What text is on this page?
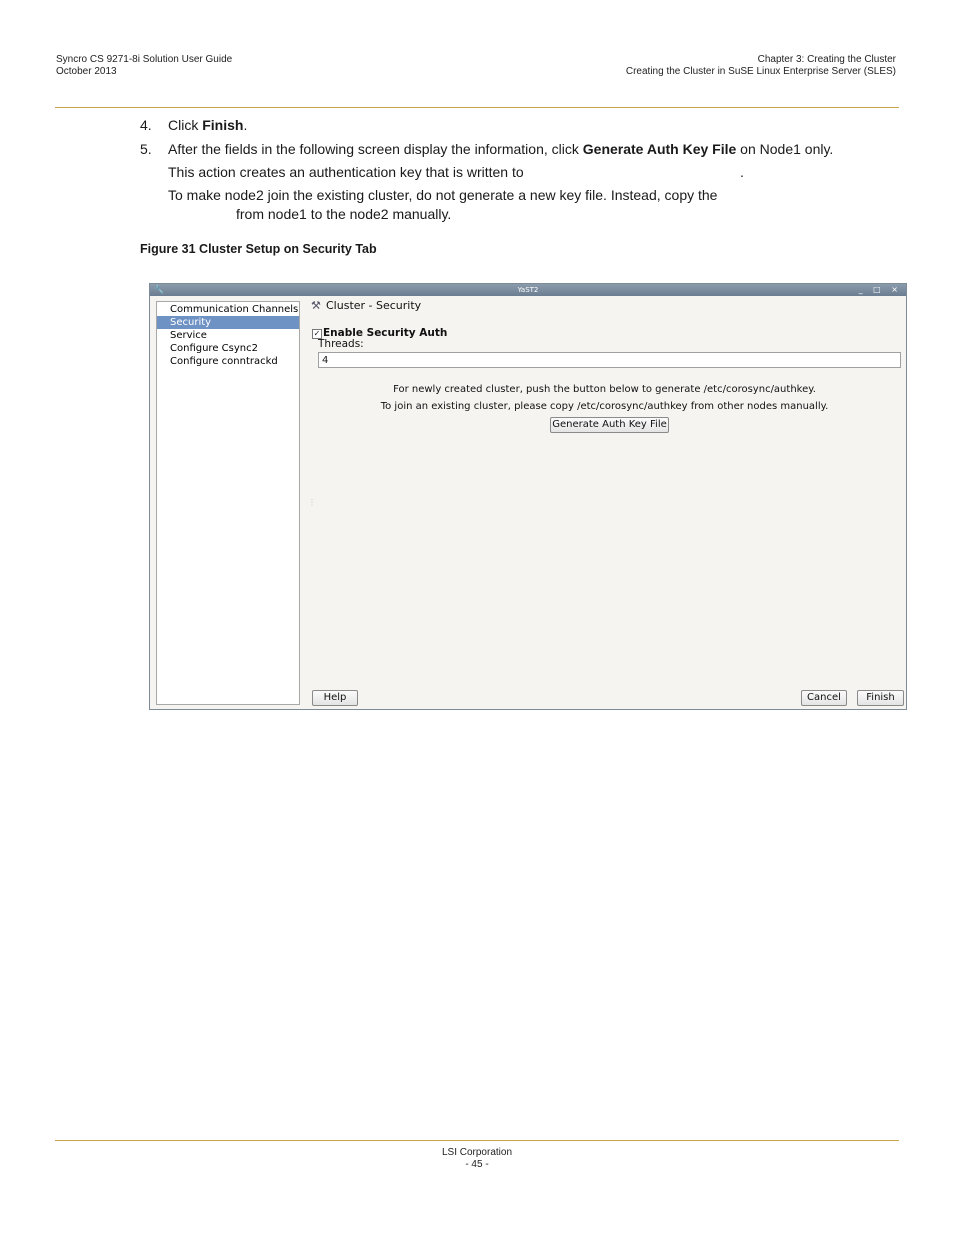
Syncro CS 9271-8i Solution User Guide
October 2013
Chapter 3: Creating the Cluster
Creating the Cluster in SuSE Linux Enterprise Server (SLES)
4. Click Finish.
5. After the fields in the following screen display the information, click Generate Auth Key File on Node1 only.
This action creates an authentication key that is written to	.
To make node2 join the existing cluster, do not generate a new key file. Instead, copy the
from node1 to the node2 manually.
Figure 31 Cluster Setup on Security Tab
🔧	YaST2	_ □ ×
Communication Channels
Security
Service
Configure Csync2
Configure conntrackd
⚒ Cluster - Security
✓ Enable Security Auth
Threads:
4
For newly created cluster, push the button below to generate /etc/corosync/authkey.
To join an existing cluster, please copy /etc/corosync/authkey from other nodes manually.
Generate Auth Key File
⋮
Help	Cancel	Finish
LSI Corporation
- 45 -
